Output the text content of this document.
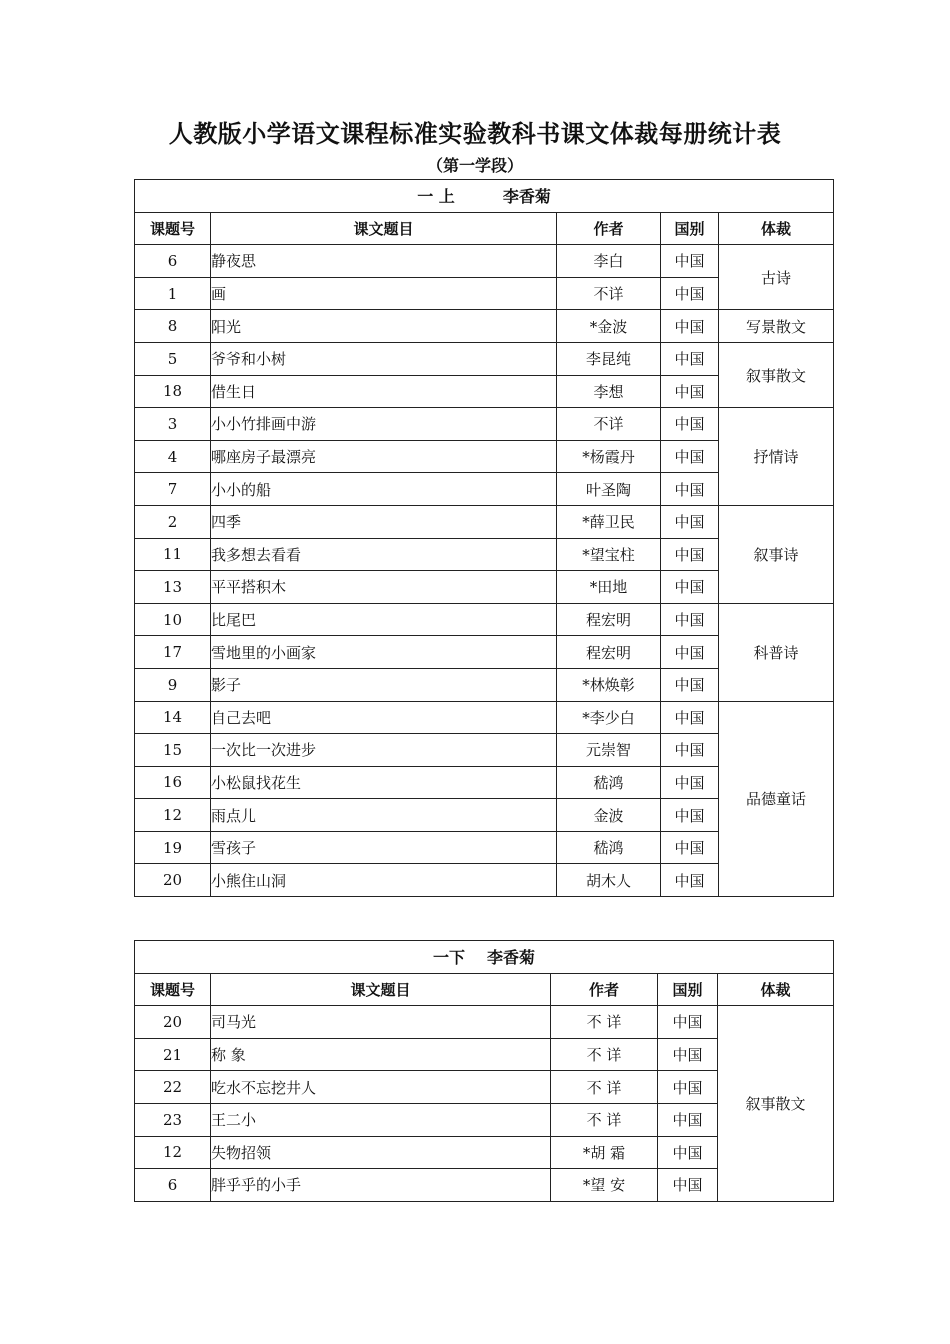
人教版小学语文课程标准实验教科书课文体裁每册统计表
（第一学段）
一 上 李香菊				
课题号	课文题目	作者	国别	体裁
6	静夜思	李白	中国	古诗
1	画	不详	中国	
8	阳光	*金波	中国	写景散文
5	爷爷和小树	李昆纯	中国	叙事散文
18	借生日	李想	中国	
3	小小竹排画中游	不详	中国	抒情诗
4	哪座房子最漂亮	*杨霞丹	中国	
7	小小的船	叶圣陶	中国	
2	四季	*薛卫民	中国	叙事诗
11	我多想去看看	*望宝柱	中国	
13	平平搭积木	*田地	中国	
10	比尾巴	程宏明	中国	科普诗
17	雪地里的小画家	程宏明	中国	
9	影子	*林焕彰	中国	
14	自己去吧	*李少白	中国	品德童话
15	一次比一次进步	元崇智	中国	
16	小松鼠找花生	嵇鸿	中国	
12	雨点儿	金波	中国	
19	雪孩子	嵇鸿	中国	
20	小熊住山洞	胡木人	中国	
一下 李香菊				
课题号	课文题目	作者	国别	体裁
20	司马光	不 详	中国	叙事散文
21	称 象	不 详	中国	
22	吃水不忘挖井人	不 详	中国	
23	王二小	不 详	中国	
12	失物招领	*胡 霜	中国	
6	胖乎乎的小手	*望 安	中国	
